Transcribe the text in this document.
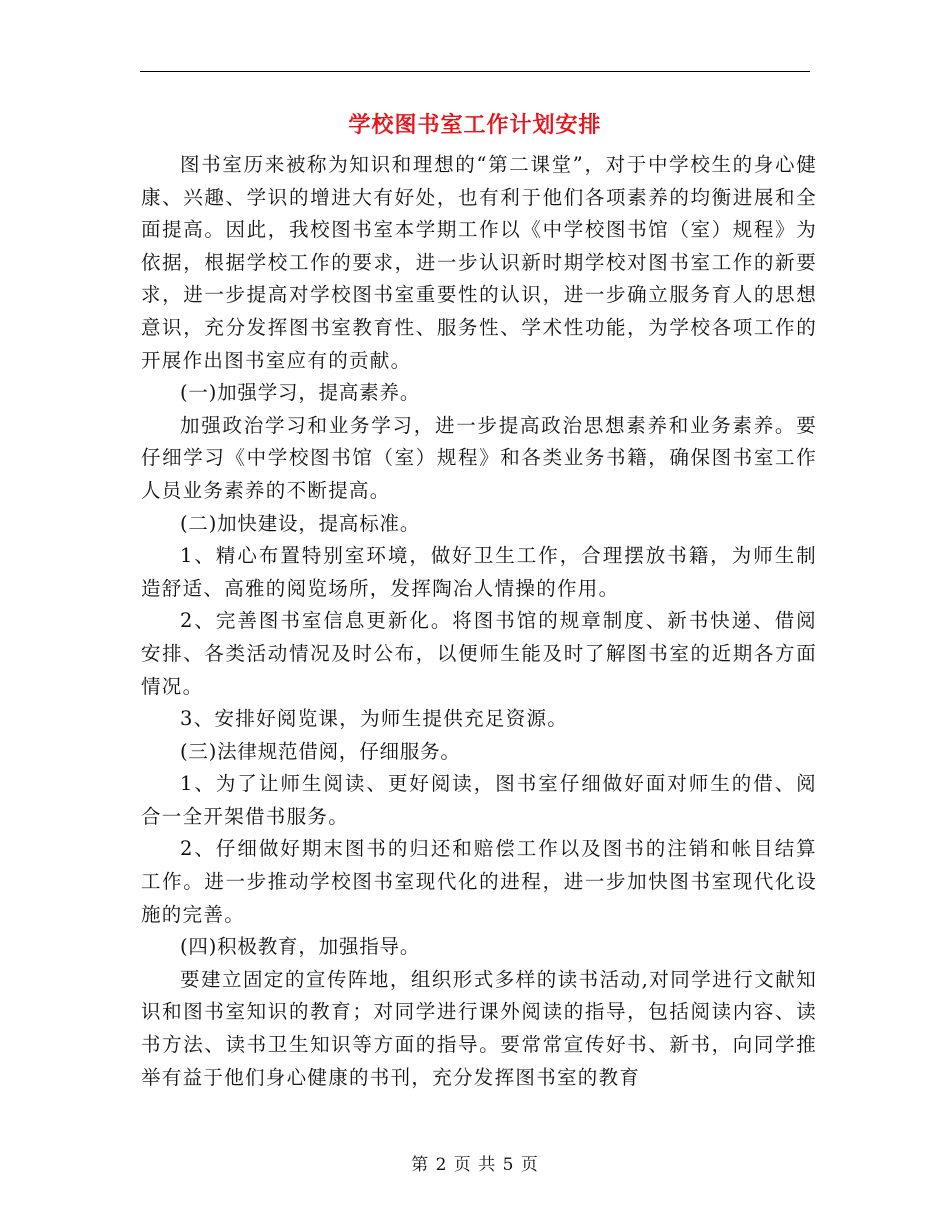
学校图书室工作计划安排

图书室历来被称为知识和理想的“第二课堂”，对于中学校生的身心健康、兴趣、学识的增进大有好处，也有利于他们各项素养的均衡进展和全面提高。因此，我校图书室本学期工作以《中学校图书馆（室）规程》为依据，根据学校工作的要求，进一步认识新时期学校对图书室工作的新要求，进一步提高对学校图书室重要性的认识，进一步确立服务育人的思想意识，充分发挥图书室教育性、服务性、学术性功能，为学校各项工作的开展作出图书室应有的贡献。

(一)加强学习，提高素养。

加强政治学习和业务学习，进一步提高政治思想素养和业务素养。要仔细学习《中学校图书馆（室）规程》和各类业务书籍，确保图书室工作人员业务素养的不断提高。

(二)加快建设，提高标准。

1、精心布置特别室环境，做好卫生工作，合理摆放书籍，为师生制造舒适、高雅的阅览场所，发挥陶冶人情操的作用。

2、完善图书室信息更新化。将图书馆的规章制度、新书快递、借阅安排、各类活动情况及时公布，以便师生能及时了解图书室的近期各方面情况。

3、安排好阅览课，为师生提供充足资源。

(三)法律规范借阅，仔细服务。

1、为了让师生阅读、更好阅读，图书室仔细做好面对师生的借、阅合一全开架借书服务。

2、仔细做好期末图书的归还和赔偿工作以及图书的注销和帐目结算工作。进一步推动学校图书室现代化的进程，进一步加快图书室现代化设施的完善。

(四)积极教育，加强指导。

要建立固定的宣传阵地，组织形式多样的读书活动,对同学进行文献知识和图书室知识的教育；对同学进行课外阅读的指导，包括阅读内容、读书方法、读书卫生知识等方面的指导。要常常宣传好书、新书，向同学推举有益于他们身心健康的书刊，充分发挥图书室的教育

第 2 页 共 5 页
